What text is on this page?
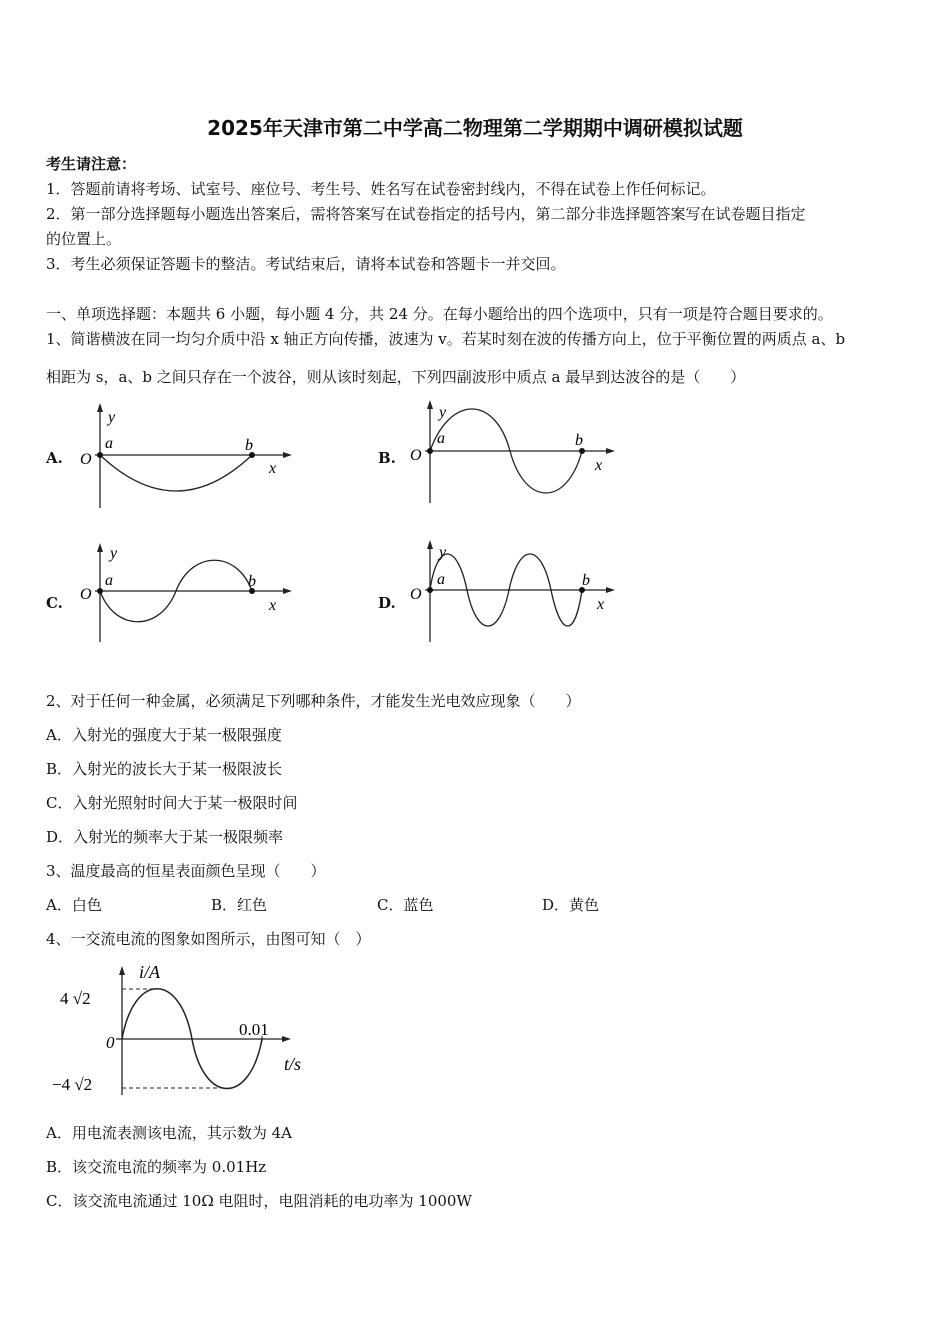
2025年天津市第二中学高二物理第二学期期中调研模拟试题
考生请注意：
1．答题前请将考场、试室号、座位号、考生号、姓名写在试卷密封线内，不得在试卷上作任何标记。
2．第一部分选择题每小题选出答案后，需将答案写在试卷指定的括号内，第二部分非选择题答案写在试卷题目指定
的位置上。
3．考生必须保证答题卡的整洁。考试结束后，请将本试卷和答题卡一并交回。
一、单项选择题：本题共 6 小题，每小题 4 分，共 24 分。在每小题给出的四个选项中，只有一项是符合题目要求的。
1、简谐横波在同一均匀介质中沿 x 轴正方向传播，波速为 v。若某时刻在波的传播方向上，位于平衡位置的两质点 a、b
相距为 s，a、b 之间只存在一个波谷，则从该时刻起，下列四副波形中质点 a 最早到达波谷的是（　　）
A.	B.
C.	D.
y
a	b
O
x
y
a	b
O
x
y
a	b
O
x
y
a	b
O
x
2、对于任何一种金属，必须满足下列哪种条件，才能发生光电效应现象（　　）
A．入射光的强度大于某一极限强度
B．入射光的波长大于某一极限波长
C．入射光照射时间大于某一极限时间
D．入射光的频率大于某一极限频率
3、温度最高的恒星表面颜色呈现（　　）
A．白色	B．红色	C．蓝色	D．黄色
4、一交流电流的图象如图所示，由图可知（　）
i/A
4 √2
−4 √2
0
0.01
t/s
A．用电流表测该电流，其示数为 4A
B．该交流电流的频率为 0.01Hz
C．该交流电流通过 10Ω 电阻时，电阻消耗的电功率为 1000W
